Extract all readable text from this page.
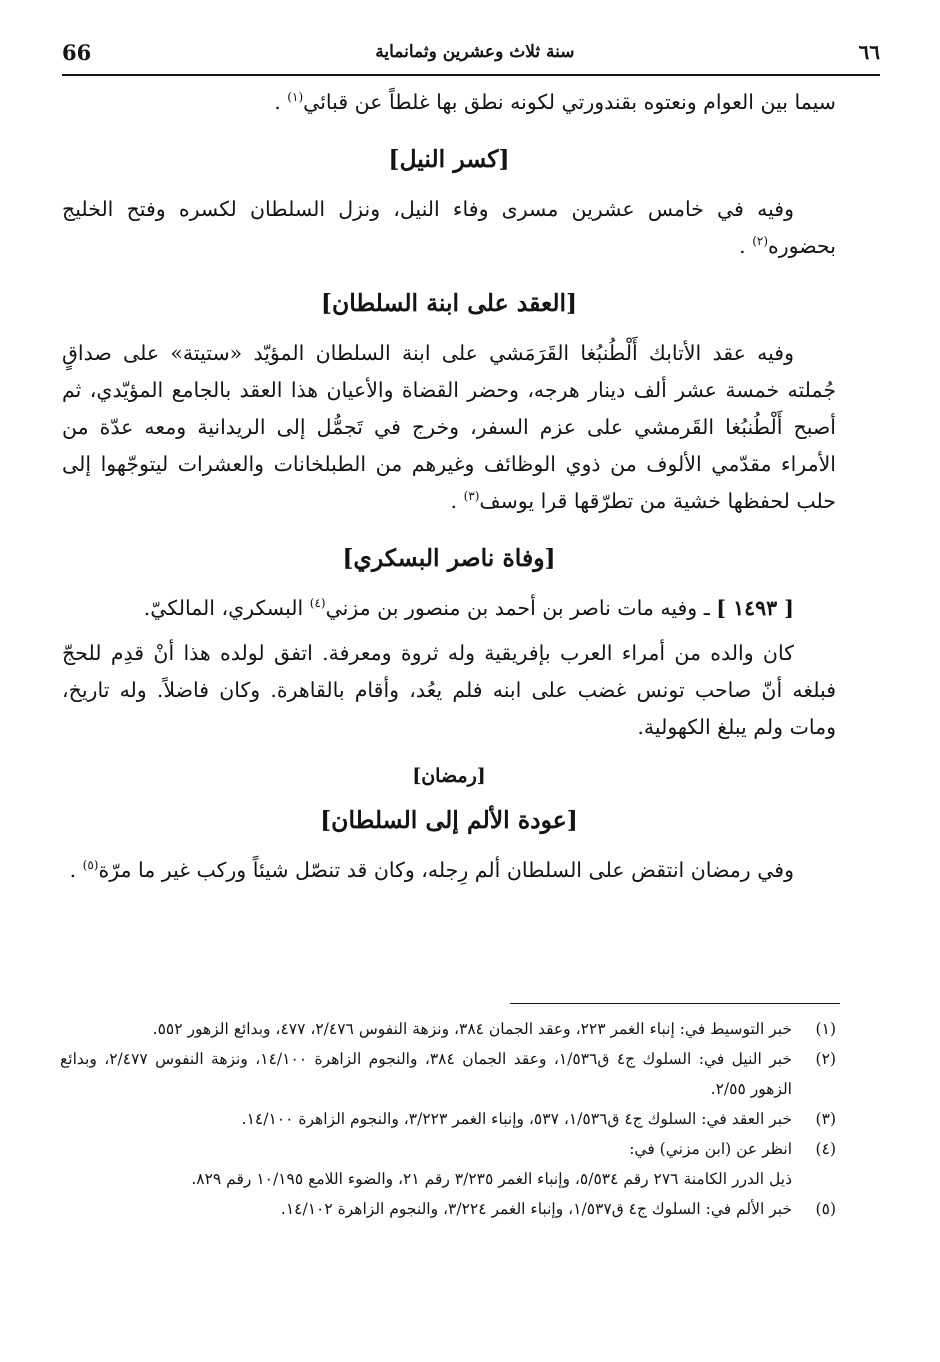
66	سنة ثلاث وعشرين وثمانماية	٦٦

سيما بين العوام ونعتوه بقندورتي لكونه نطق بها غلطاً عن قبائي$^{(١)}$ .

[كسر النيل]

وفيه في خامس عشرين مسرى وفاء النيل، ونزل السلطان لكسره وفتح الخليج بحضوره$^{(٢)}$ .

[العقد على ابنة السلطان]

وفيه عقد الأتابك أَلْطُنبُغا القَرَمَشي على ابنة السلطان المؤيّد «ستيتة» على صداقٍ جُملته خمسة عشر ألف دينار هرجه، وحضر القضاة والأعيان هذا العقد بالجامع المؤيّدي، ثم أصبح أَلْطُنبُغا القَرمشي على عزم السفر، وخرج في تَجمُّل إلى الريدانية ومعه عدّة من الأمراء مقدّمي الألوف من ذوي الوظائف وغيرهم من الطبلخانات والعشرات ليتوجّهوا إلى حلب لحفظها خشية من تطرّقها قرا يوسف$^{(٣)}$ .

[وفاة ناصر البسكري]

[ ١٤٩٣ ] ـ وفيه مات ناصر بن أحمد بن منصور بن مزني$^{(٤)}$ البسكري، المالكيّ.

كان والده من أمراء العرب بإفريقية وله ثروة ومعرفة. اتفق لولده هذا أنْ قدِم للحجّ فبلغه أنّ صاحب تونس غضب على ابنه فلم يعُد، وأقام بالقاهرة. وكان فاضلاً. وله تاريخ، ومات ولم يبلغ الكهولية.

[رمضان]
[عودة الألم إلى السلطان]

وفي رمضان انتقض على السلطان ألم رِجله، وكان قد تنصّل شيئاً وركب غير ما مرّة$^{(٥)}$ .

(١)
خبر التوسيط في: إنباء الغمر ٢٢٣، وعقد الجمان ٣٨٤، ونزهة النفوس ٢/٤٧٦، ٤٧٧، وبدائع الزهور ٥٥٢.
(٢)
خبر النيل في: السلوك ج٤ ق١/٥٣٦، وعقد الجمان ٣٨٤، والنجوم الزاهرة ١٤/١٠٠، ونزهة النفوس ٢/٤٧٧، وبدائع الزهور ٢/٥٥.
(٣)
خبر العقد في: السلوك ج٤ ق١/٥٣٦، ٥٣٧، وإنباء الغمر ٣/٢٢٣، والنجوم الزاهرة ١٤/١٠٠.
(٤)
انظر عن (ابن مزني) في:
ذيل الدرر الكامنة ٢٧٦ رقم ٥/٥٣٤، وإنباء الغمر ٣/٢٣٥ رقم ٢١، والضوء اللامع ١٠/١٩٥ رقم ٨٢٩.
(٥)
خبر الألم في: السلوك ج٤ ق١/٥٣٧، وإنباء الغمر ٣/٢٢٤، والنجوم الزاهرة ١٤/١٠٢.
